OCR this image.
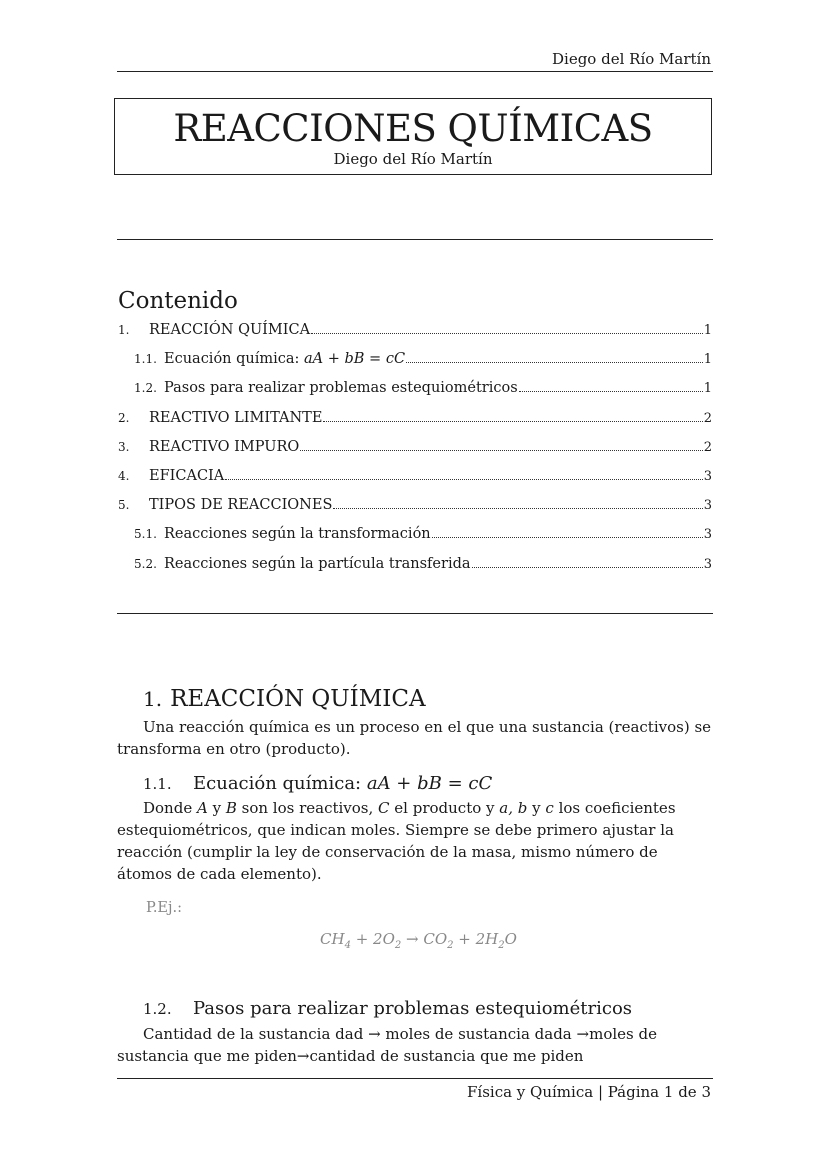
Diego del Río Martín
REACCIONES QUÍMICAS
Diego del Río Martín
Contenido
1.	REACCIÓN QUÍMICA	1
1.1. Ecuación química: aA + bB = cC	1
1.2. Pasos para realizar problemas estequiométricos	1
2.	REACTIVO LIMITANTE	2
3.	REACTIVO IMPURO	2
4.	EFICACIA	3
5.	TIPOS DE REACCIONES	3
5.1. Reacciones según la transformación	3
5.2. Reacciones según la partícula transferida	3
1. REACCIÓN QUÍMICA
Una reacción química es un proceso en el que una sustancia (reactivos) se transforma en otro (producto).
1.1. Ecuación química: aA + bB = cC
Donde A y B son los reactivos, C el producto y a, b y c los coeficientes estequiométricos, que indican moles. Siempre se debe primero ajustar la reacción (cumplir la ley de conservación de la masa, mismo número de átomos de cada elemento).
P.Ej.:
$CH_4 + 2O_2 \to CO_2 + 2H_2O$
1.2. Pasos para realizar problemas estequiométricos
Cantidad de la sustancia dad → moles de sustancia dada →moles de sustancia que me piden→cantidad de sustancia que me piden
Física y Química | Página 1 de 3
